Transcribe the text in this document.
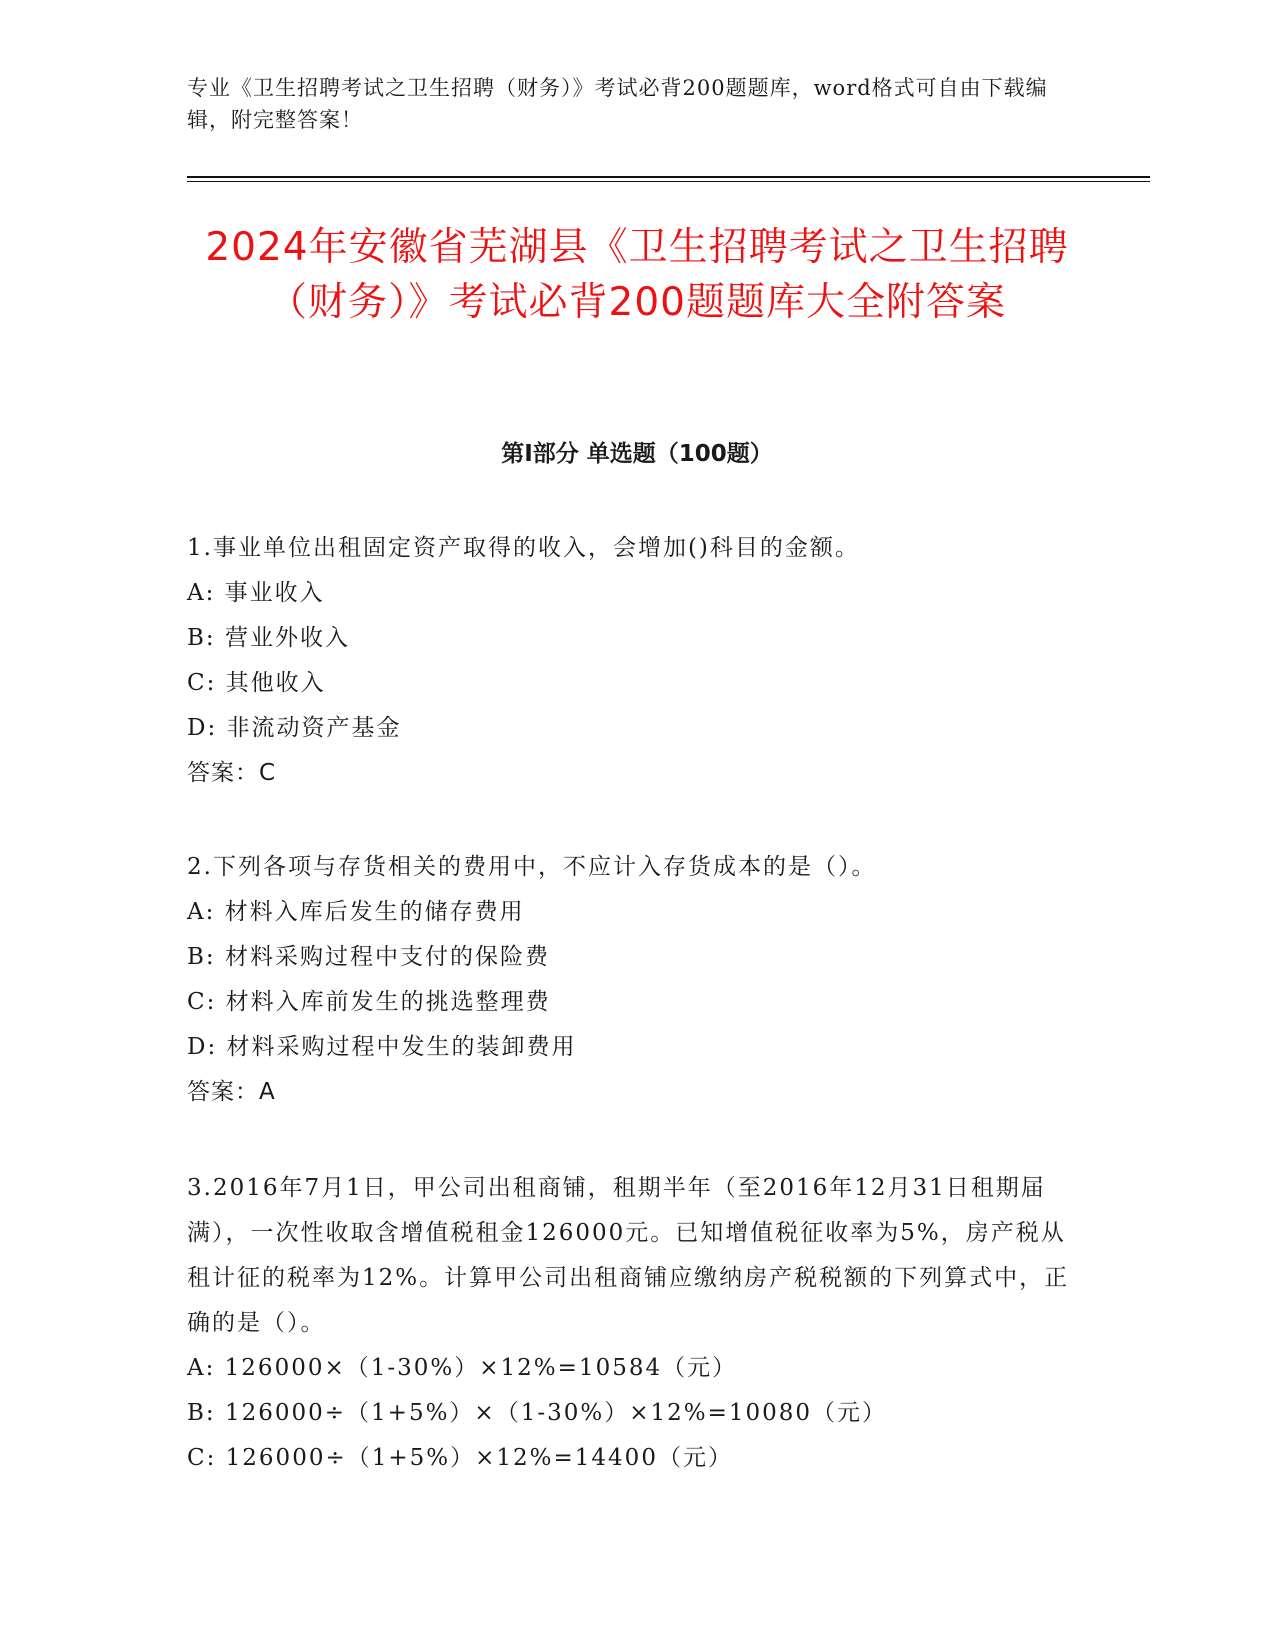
专业《卫生招聘考试之卫生招聘（财务）》考试必背200题题库，word格式可自由下载编辑，附完整答案！
2024年安徽省芜湖县《卫生招聘考试之卫生招聘（财务）》考试必背200题题库大全附答案
第I部分 单选题（100题）
1.事业单位出租固定资产取得的收入，会增加()科目的金额。
A: 事业收入
B: 营业外收入
C: 其他收入
D: 非流动资产基金
答案：C
2.下列各项与存货相关的费用中，不应计入存货成本的是（）。
A: 材料入库后发生的储存费用
B: 材料采购过程中支付的保险费
C: 材料入库前发生的挑选整理费
D: 材料采购过程中发生的装卸费用
答案：A
3.2016年7月1日，甲公司出租商铺，租期半年（至2016年12月31日租期届满），一次性收取含增值税租金126000元。已知增值税征收率为5%，房产税从租计征的税率为12%。计算甲公司出租商铺应缴纳房产税税额的下列算式中，正确的是（）。
A: 126000×（1-30%）×12%=10584（元）
B: 126000÷（1+5%）×（1-30%）×12%=10080（元）
C: 126000÷（1+5%）×12%=14400（元）
